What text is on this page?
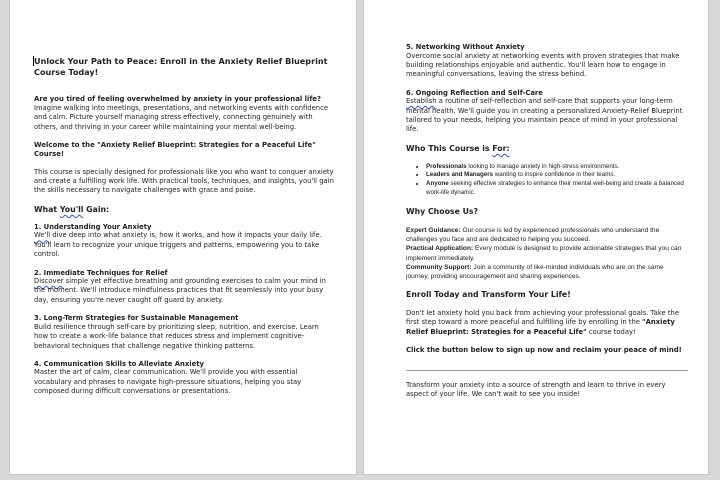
Unlock Your Path to Peace: Enroll in the Anxiety Relief Blueprint Course Today!
Are you tired of feeling overwhelmed by anxiety in your professional life?

Imagine walking into meetings, presentations, and networking events with confidence and calm. Picture yourself managing stress effectively, connecting genuinely with others, and thriving in your career while maintaining your mental well-being.

Welcome to the "Anxiety Relief Blueprint: Strategies for a Peaceful Life" Course!

This course is specially designed for professionals like you who want to conquer anxiety and create a fulfilling work life. With practical tools, techniques, and insights, you'll gain the skills necessary to navigate challenges with grace and poise.

What You'll Gain:
1. Understanding Your Anxiety

We'll dive deep into what anxiety is, how it works, and how it impacts your daily life. You'll learn to recognize your unique triggers and patterns, empowering you to take control.

2. Immediate Techniques for Relief

Discover simple yet effective breathing and grounding exercises to calm your mind in the moment. We'll introduce mindfulness practices that fit seamlessly into your busy day, ensuring you're never caught off guard by anxiety.

3. Long-Term Strategies for Sustainable Management

Build resilience through self-care by prioritizing sleep, nutrition, and exercise. Learn how to create a work-life balance that reduces stress and implement cognitive-behavioral techniques that challenge negative thinking patterns.

4. Communication Skills to Alleviate Anxiety

Master the art of calm, clear communication. We'll provide you with essential vocabulary and phrases to navigate high-pressure situations, helping you stay composed during difficult conversations or presentations.

5. Networking Without Anxiety

Overcome social anxiety at networking events with proven strategies that make building relationships enjoyable and authentic. You'll learn how to engage in meaningful conversations, leaving the stress behind.

6. Ongoing Reflection and Self-Care

Establish a routine of self-reflection and self-care that supports your long-term mental health. We'll guide you in creating a personalized Anxiety-Relief Blueprint tailored to your needs, helping you maintain peace of mind in your professional life.

Who This Course is For:
• Professionals looking to manage anxiety in high-stress environments.
• Leaders and Managers wanting to inspire confidence in their teams.
• Anyone seeking effective strategies to enhance their mental well-being and create a balanced work-life dynamic.
Why Choose Us?

Expert Guidance: Our course is led by experienced professionals who understand the challenges you face and are dedicated to helping you succeed.

Practical Application: Every module is designed to provide actionable strategies that you can implement immediately.

Community Support: Join a community of like-minded individuals who are on the same journey, providing encouragement and sharing experiences.

Enroll Today and Transform Your Life!

Don't let anxiety hold you back from achieving your professional goals. Take the first step toward a more peaceful and fulfilling life by enrolling in the "Anxiety Relief Blueprint: Strategies for a Peaceful Life" course today!

Click the button below to sign up now and reclaim your peace of mind!

Transform your anxiety into a source of strength and learn to thrive in every aspect of your life. We can't wait to see you inside!
